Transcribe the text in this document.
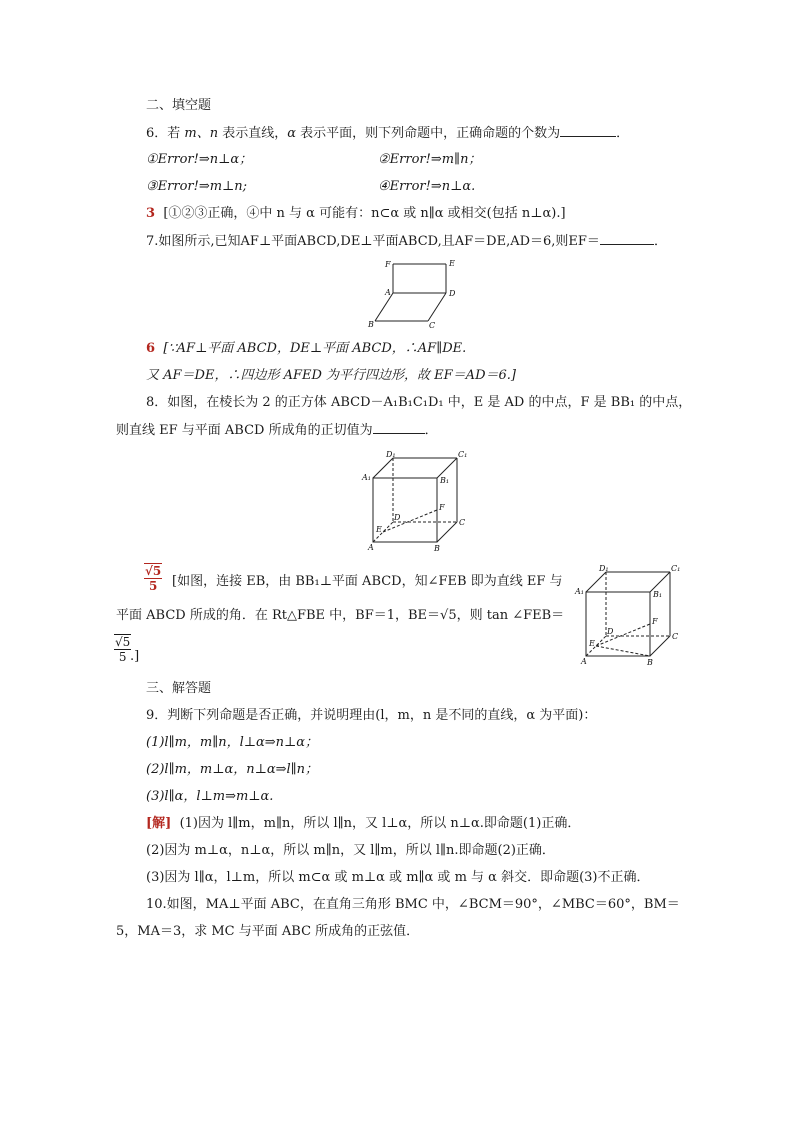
二、填空题
6．若 m、n 表示直线，α 表示平面，则下列命题中，正确命题的个数为	．
①Error!⇒n⊥α；	②Error!⇒m∥n；
③Error!⇒m⊥n;	④Error!⇒n⊥α.
3 [①②③正确，④中 n 与 α 可能有：n⊂α 或 n∥α 或相交(包括 n⊥α).]
7.如图所示,已知AF⊥平面ABCD,DE⊥平面ABCD,且AF＝DE,AD＝6,则EF＝	．
F	E
A	D
B	C
6 [∵AF⊥平面 ABCD，DE⊥平面 ABCD，∴AF∥DE.
又 AF＝DE，∴四边形 AFED 为平行四边形，故 EF＝AD＝6.]
8．如图，在棱长为 2 的正方体 ABCD－A₁B₁C₁D₁ 中，E 是 AD 的中点，F 是 BB₁ 的中点，
则直线 EF 与平面 ABCD 所成角的正切值为	．
D₁	C₁
A₁	B₁
D
F
E
C
A	B
$\frac{√5}{5}$ [如图，连接 EB，由 BB₁⊥平面 ABCD，知∠FEB 即为直线 EF 与
平面 ABCD 所成的角．在 Rt△FBE 中，BF＝1，BE＝√5，则 tan ∠FEB＝
$\frac{√5}{5}$
.]
D₁	C₁
A₁	B₁
D
F
E
C
A	B
三、解答题
9．判断下列命题是否正确，并说明理由(l，m，n 是不同的直线，α 为平面)：
(1)l∥m，m∥n，l⊥α⇒n⊥α；
(2)l∥m，m⊥α，n⊥α⇒l∥n；
(3)l∥α，l⊥m⇒m⊥α.
[解] (1)因为 l∥m，m∥n，所以 l∥n，又 l⊥α，所以 n⊥α.即命题(1)正确．
(2)因为 m⊥α，n⊥α，所以 m∥n，又 l∥m，所以 l∥n.即命题(2)正确．
(3)因为 l∥α，l⊥m，所以 m⊂α 或 m⊥α 或 m∥α 或 m 与 α 斜交．即命题(3)不正确．
10.如图，MA⊥平面 ABC，在直角三角形 BMC 中，∠BCM＝90°，∠MBC＝60°，BM＝
5，MA＝3，求 MC 与平面 ABC 所成角的正弦值．
